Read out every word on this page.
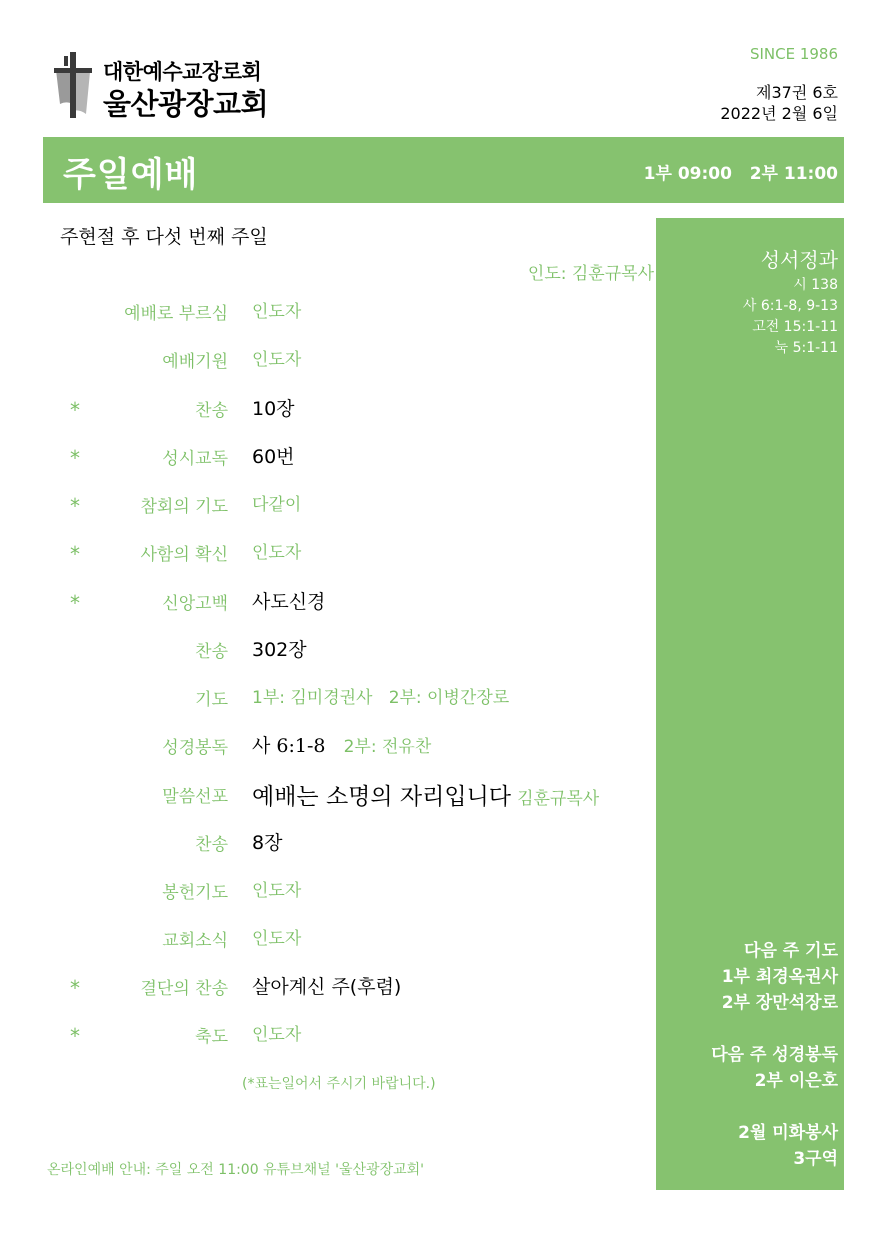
대한예수교장로회
울산광장교회
SINCE 1986
제37권 6호
2022년 2월 6일
주일예배	1부 09:00   2부 11:00
성서정과
시 138
사 6:1-8, 9-13
고전 15:1-11
눅 5:1-11
다음 주 기도
1부 최경옥권사
2부 장만석장로
다음 주 성경봉독
2부 이은호
2월 미화봉사
3구역
주현절 후 다섯 번째 주일
인도: 김훈규목사
예배로 부르심 인도자
예배기원 인도자
*	찬송 10장
*	성시교독 60번
*	참회의 기도 다같이
*	사함의 확신 인도자
*	신앙고백 사도신경
찬송 302장
기도 1부: 김미경권사   2부: 이병간장로
성경봉독 사 6:1-8 2부: 전유찬
말씀선포 예배는 소명의 자리입니다 김훈규목사
찬송 8장
봉헌기도 인도자
교회소식 인도자
*	결단의 찬송 살아계신 주(후렴)
*	축도 인도자
(*표는일어서 주시기 바랍니다.)
온라인예배 안내: 주일 오전 11:00 유튜브채널 '울산광장교회'
